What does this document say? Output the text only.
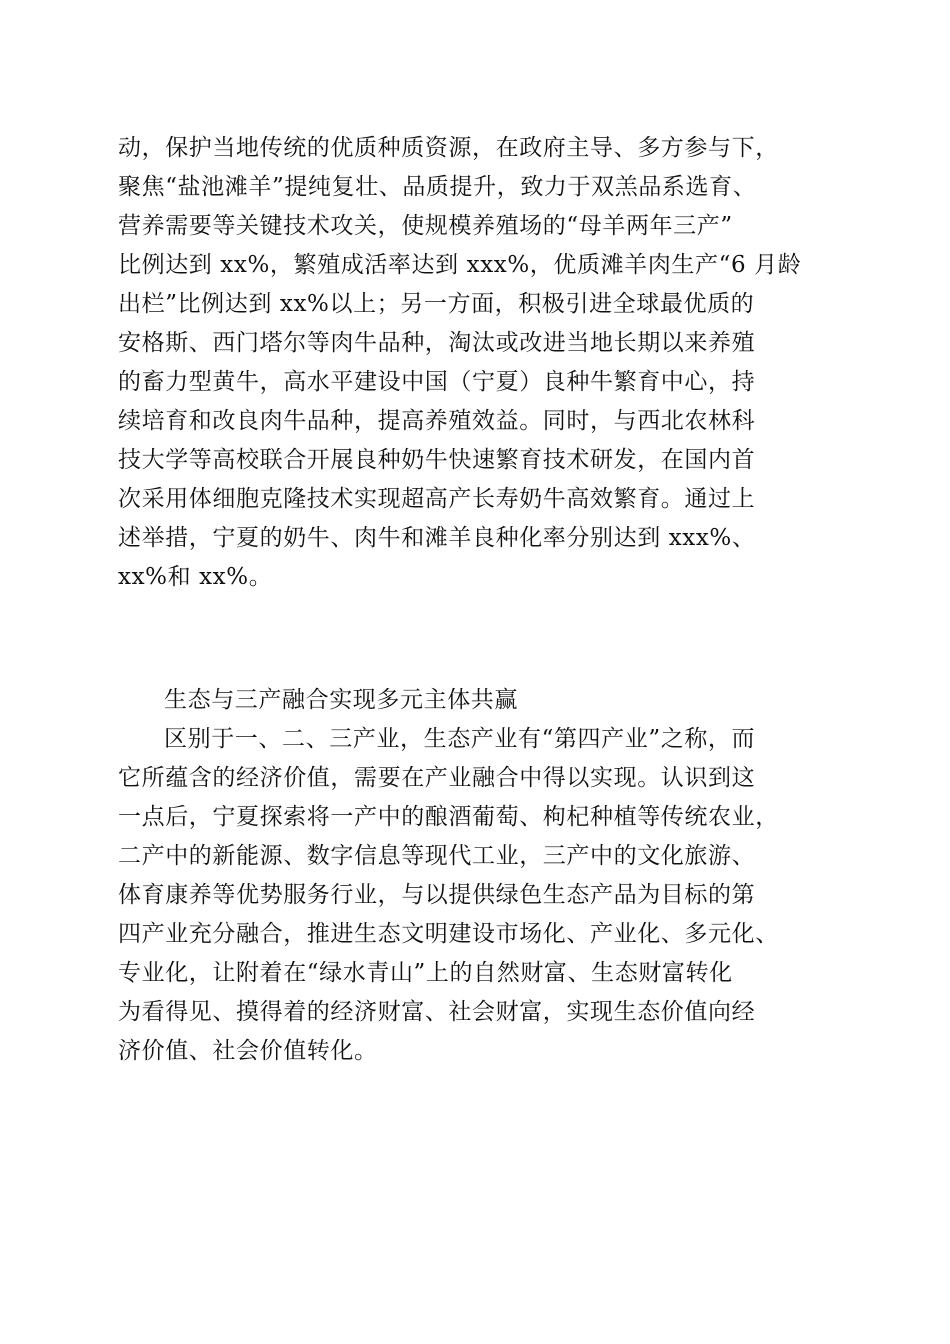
动，保护当地传统的优质种质资源，在政府主导、多方参与下，
聚焦“盐池滩羊”提纯复壮、品质提升，致力于双羔品系选育、
营养需要等关键技术攻关，使规模养殖场的“母羊两年三产”
比例达到 xx%，繁殖成活率达到 xxx%，优质滩羊肉生产“6 月龄
出栏”比例达到 xx%以上；另一方面，积极引进全球最优质的
安格斯、西门塔尔等肉牛品种，淘汰或改进当地长期以来养殖
的畜力型黄牛，高水平建设中国（宁夏）良种牛繁育中心，持
续培育和改良肉牛品种，提高养殖效益。同时，与西北农林科
技大学等高校联合开展良种奶牛快速繁育技术研发，在国内首
次采用体细胞克隆技术实现超高产长寿奶牛高效繁育。通过上
述举措，宁夏的奶牛、肉牛和滩羊良种化率分别达到 xxx%、
xx%和 xx%。
生态与三产融合实现多元主体共赢
区别于一、二、三产业，生态产业有“第四产业”之称，而
它所蕴含的经济价值，需要在产业融合中得以实现。认识到这
一点后，宁夏探索将一产中的酿酒葡萄、枸杞种植等传统农业，
二产中的新能源、数字信息等现代工业，三产中的文化旅游、
体育康养等优势服务行业，与以提供绿色生态产品为目标的第
四产业充分融合，推进生态文明建设市场化、产业化、多元化、
专业化，让附着在“绿水青山”上的自然财富、生态财富转化
为看得见、摸得着的经济财富、社会财富，实现生态价值向经
济价值、社会价值转化。
